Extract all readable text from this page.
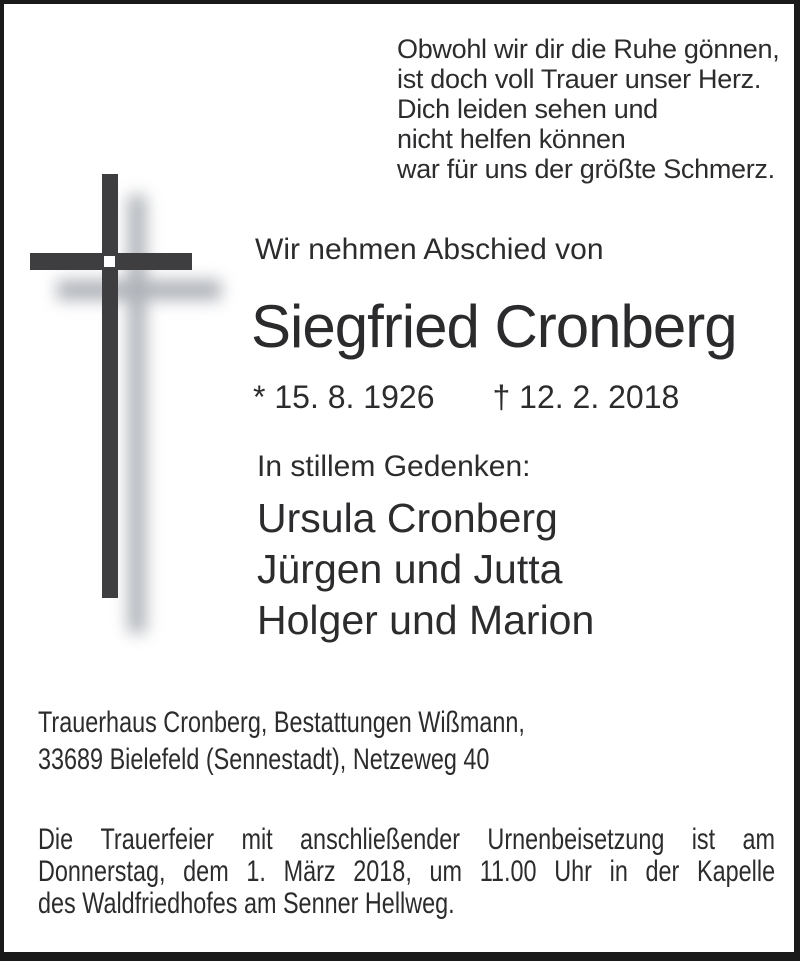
Obwohl wir dir die Ruhe gönnen,
ist doch voll Trauer unser Herz.
Dich leiden sehen und
nicht helfen können
war für uns der größte Schmerz.
Wir nehmen Abschied von
Siegfried Cronberg
* 15. 8. 1926 † 12. 2. 2018
In stillem Gedenken:
Ursula Cronberg
Jürgen und Jutta
Holger und Marion
Trauerhaus Cronberg, Bestattungen Wißmann,
33689 Bielefeld (Sennestadt), Netzeweg 40
Die Trauerfeier mit anschließender Urnenbeisetzung ist am
Donnerstag, dem 1. März 2018, um 11.00 Uhr in der Kapelle
des Waldfriedhofes am Senner Hellweg.
